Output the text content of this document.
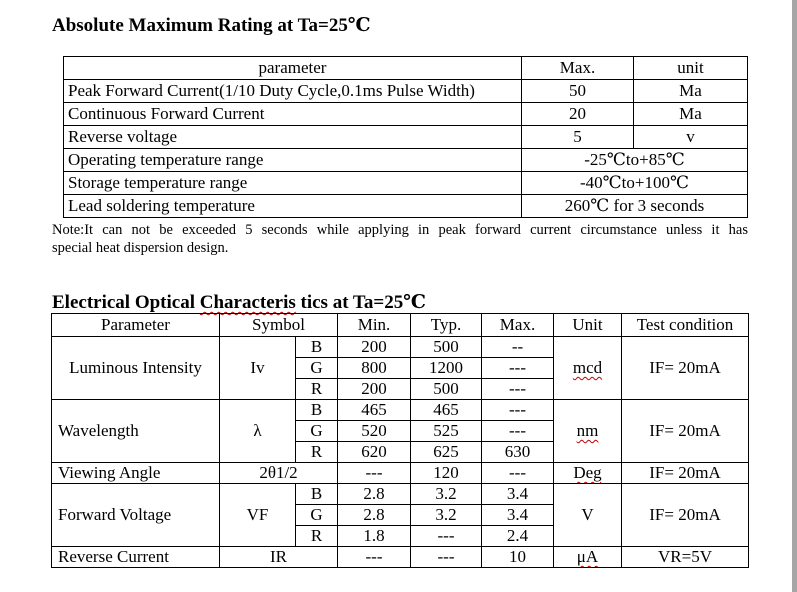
Absolute Maximum Rating at Ta=25℃
parameter	Max.	unit
Peak Forward Current(1/10 Duty Cycle,0.1ms Pulse Width)	50	Ma
Continuous Forward Current	20	Ma
Reverse voltage	5	v
Operating temperature range	-25℃to+85℃	
Storage temperature range	-40℃to+100℃	
Lead soldering temperature	260℃ for 3 seconds	

Note:It can not be exceeded 5 seconds while applying in peak forward current circumstance unless it has

special heat dispersion design.

Electrical Optical Characteris tics at Ta=25℃
Parameter	Symbol		Min.	Typ.	Max.	Unit	Test condition
Luminous Intensity	Iv	B	200	500	--	mcd	IF= 20mA
		G	800	1200	---		
		R	200	500	---		
Wavelength	λ	B	465	465	---	nm	IF= 20mA
		G	520	525	---		
		R	620	625	630		
Viewing Angle	2θ1/2		---	120	---	Deg	IF= 20mA
Forward Voltage	VF	B	2.8	3.2	3.4	V	IF= 20mA
		G	2.8	3.2	3.4		
		R	1.8	---	2.4		
Reverse Current	IR		---	---	10	μA	VR=5V
